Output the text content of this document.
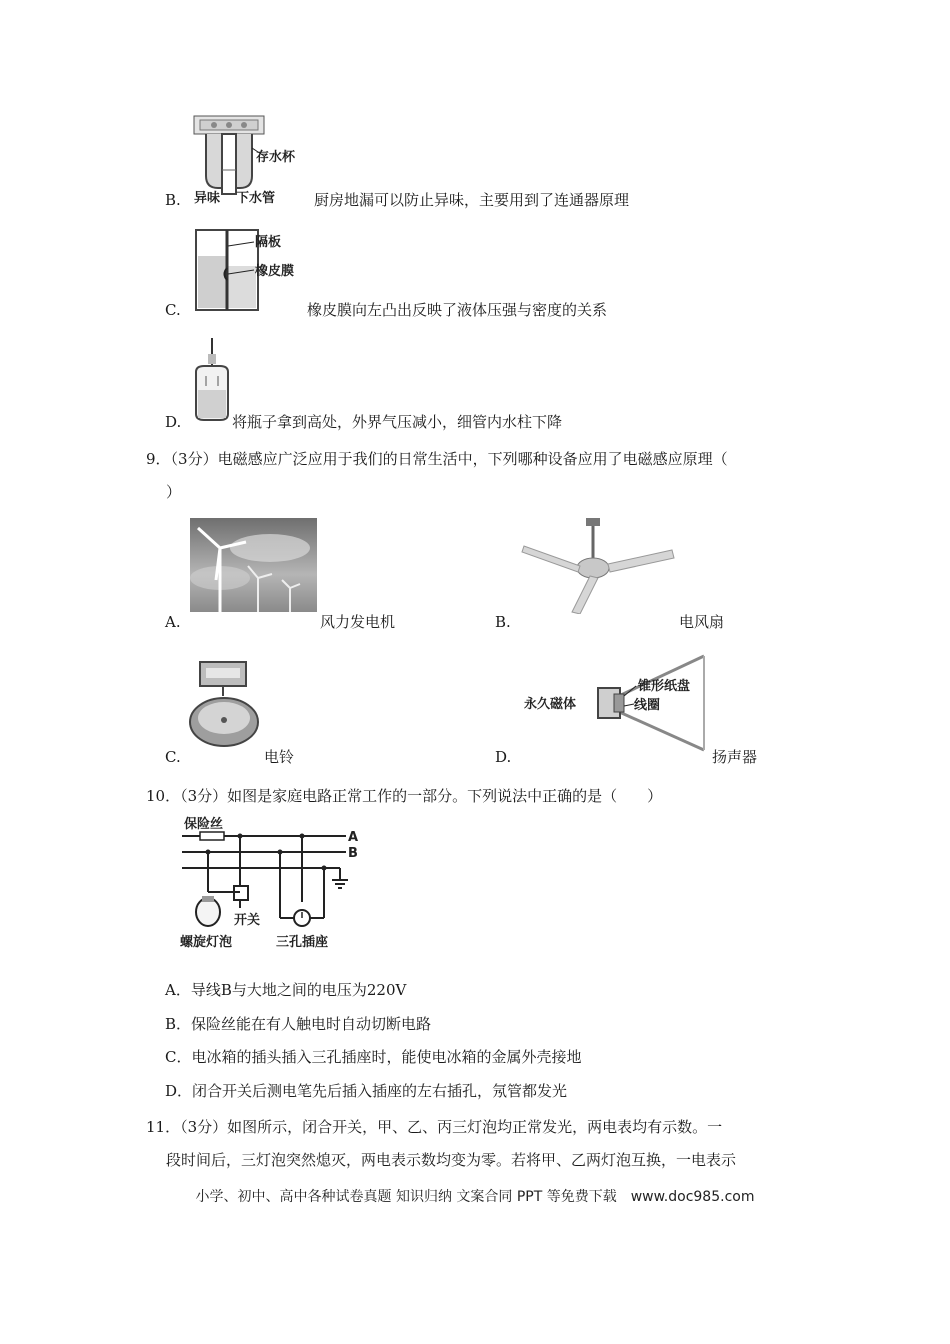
存水杯
异味 下水管
B.	厨房地漏可以防止异味，主要用到了连通器原理
隔板
橡皮膜
C.	橡皮膜向左凸出反映了液体压强与密度的关系
D.	将瓶子拿到高处，外界气压减小，细管内水柱下降
9．（3分）电磁感应广泛应用于我们的日常生活中，下列哪种设备应用了电磁感应原理（
）
A.	风力发电机	B.	电风扇
C.	电铃
锥形纸盘
永久磁体	线圈
D.	扬声器
10．（3分）如图是家庭电路正常工作的一部分。下列说法中正确的是（　　）
保险丝
A
B
开关
螺旋灯泡	三孔插座
A．导线B与大地之间的电压为220V
B．保险丝能在有人触电时自动切断电路
C．电冰箱的插头插入三孔插座时，能使电冰箱的金属外壳接地
D．闭合开关后测电笔先后插入插座的左右插孔，氖管都发光
11．（3分）如图所示，闭合开关，甲、乙、丙三灯泡均正常发光，两电表均有示数。一
段时间后，三灯泡突然熄灭，两电表示数均变为零。若将甲、乙两灯泡互换，一电表示
小学、初中、高中各种试卷真题 知识归纳 文案合同 PPT 等免费下载　www.doc985.com
